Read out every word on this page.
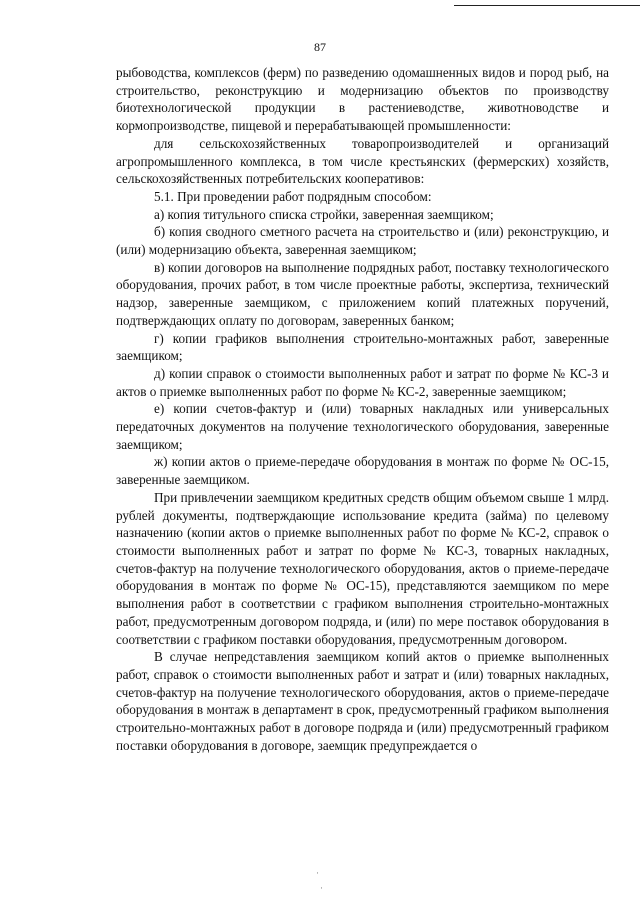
87

рыбоводства, комплексов (ферм) по разведению одомашненных видов и пород рыб, на строительство, реконструкцию и модернизацию объектов по производству биотехнологической продукции в растениеводстве, животноводстве и кормопроизводстве, пищевой и перерабатывающей промышленности:

для сельскохозяйственных товаропроизводителей и организаций агропромышленного комплекса, в том числе крестьянских (фермерских) хозяйств, сельскохозяйственных потребительских кооперативов:

5.1. При проведении работ подрядным способом:

а) копия титульного списка стройки, заверенная заемщиком;

б) копия сводного сметного расчета на строительство и (или) реконструкцию, и (или) модернизацию объекта, заверенная заемщиком;

в) копии договоров на выполнение подрядных работ, поставку технологического оборудования, прочих работ, в том числе проектные работы, экспертиза, технический надзор, заверенные заемщиком, с приложением копий платежных поручений, подтверждающих оплату по договорам, заверенных банком;

г) копии графиков выполнения строительно-монтажных работ, заверенные заемщиком;

д) копии справок о стоимости выполненных работ и затрат по форме № КС-3 и актов о приемке выполненных работ по форме № КС-2, заверенные заемщиком;

е) копии счетов-фактур и (или) товарных накладных или универсальных передаточных документов на получение технологического оборудования, заверенные заемщиком;

ж) копии актов о приеме-передаче оборудования в монтаж по форме № ОС-15, заверенные заемщиком.

При привлечении заемщиком кредитных средств общим объемом свыше 1 млрд. рублей документы, подтверждающие использование кредита (займа) по целевому назначению (копии актов о приемке выполненных работ по форме № КС-2, справок о стоимости выполненных работ и затрат по форме № КС-3, товарных накладных, счетов-фактур на получение технологического оборудования, актов о приеме-передаче оборудования в монтаж по форме № ОС-15), представляются заемщиком по мере выполнения работ в соответствии с графиком выполнения строительно-монтажных работ, предусмотренным договором подряда, и (или) по мере поставок оборудования в соответствии с графиком поставки оборудования, предусмотренным договором.

В случае непредставления заемщиком копий актов о приемке выполненных работ, справок о стоимости выполненных работ и затрат и (или) товарных накладных, счетов-фактур на получение технологического оборудования, актов о приеме-передаче оборудования в монтаж в департамент в срок, предусмотренный графиком выполнения строительно-монтажных работ в договоре подряда и (или) предусмотренный графиком поставки оборудования в договоре, заемщик предупреждается о

·
·
